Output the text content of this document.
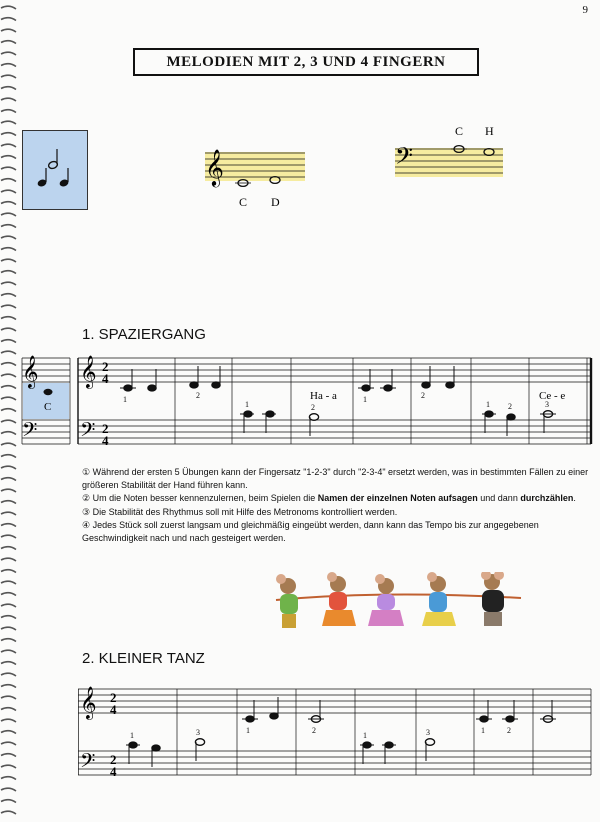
9
MELODIEN MIT 2, 3 UND 4 FINGERN
𝄞
C D
𝄢
C H
1. SPAZIERGANG
𝄞
𝄢
C
𝄞
𝄢
2
4
2
4
1	2
1	2
1	2
1 2	3
Ha - a	Ce - e

① Während der ersten 5 Übungen kann der Fingersatz "1-2-3" durch "2-3-4" ersetzt werden, was in bestimmten Fällen zu einer größeren Stabilität der Hand führen kann.

② Um die Noten besser kennenzulernen, beim Spielen die Namen der einzelnen Noten aufsagen und dann durchzählen.

③ Die Stabilität des Rhythmus soll mit Hilfe des Metronoms kontrolliert werden.

④ Jedes Stück soll zuerst langsam und gleichmäßig eingeübt werden, dann kann das Tempo bis zur angegebenen Geschwindigkeit nach und nach gesteigert werden.

2. KLEINER TANZ
𝄞
𝄢
2
4
2
4
1	3	1	2
1	3	1	2
